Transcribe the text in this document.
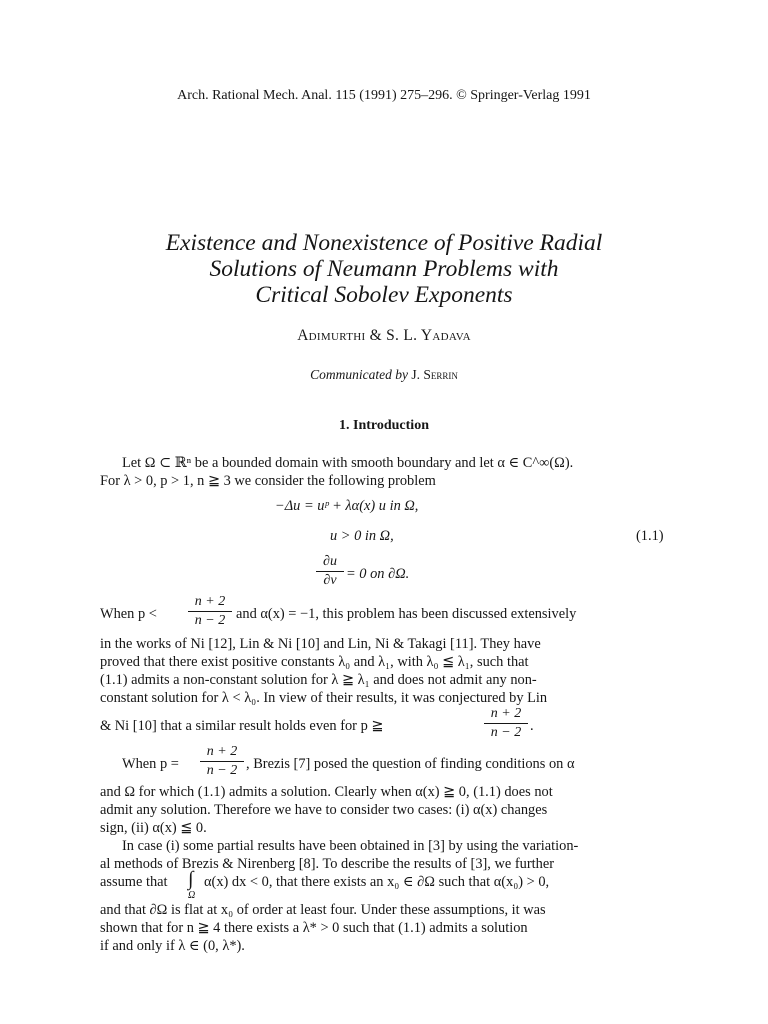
Arch. Rational Mech. Anal. 115 (1991) 275–296. © Springer-Verlag 1991
Existence and Nonexistence of Positive Radial
Solutions of Neumann Problems with
Critical Sobolev Exponents
Adimurthi & S. L. Yadava
Communicated by J. Serrin
1. Introduction
Let Ω ⊂ ℝⁿ be a bounded domain with smooth boundary and let α ∈ C^∞(Ω).
For λ > 0, p > 1, n ≧ 3 we consider the following problem
−Δu = uᵖ + λα(x) u in Ω,
u > 0 in Ω,	(1.1)
∂u
∂ν = 0 on ∂Ω.
When p <
n + 2
n − 2 and α(x) = −1, this problem has been discussed extensively
in the works of Ni [12], Lin & Ni [10] and Lin, Ni & Takagi [11]. They have
proved that there exist positive constants λ₀ and λ₁, with λ₀ ≦ λ₁, such that
(1.1) admits a non-constant solution for λ ≧ λ₁ and does not admit any non-
constant solution for λ < λ₀. In view of their results, it was conjectured by Lin
& Ni [10] that a similar result holds even for p ≧
n + 2
n − 2 .
When p =
n + 2
n − 2 , Brezis [7] posed the question of finding conditions on α
and Ω for which (1.1) admits a solution. Clearly when α(x) ≧ 0, (1.1) does not
admit any solution. Therefore we have to consider two cases: (i) α(x) changes
sign, (ii) α(x) ≦ 0.
In case (i) some partial results have been obtained in [3] by using the variation-
al methods of Brezis & Nirenberg [8]. To describe the results of [3], we further
assume that ∫
Ω
α(x) dx < 0, that there exists an x₀ ∈ ∂Ω such that α(x₀) > 0,
and that ∂Ω is flat at x₀ of order at least four. Under these assumptions, it was
shown that for n ≧ 4 there exists a λ* > 0 such that (1.1) admits a solution
if and only if λ ∈ (0, λ*).
